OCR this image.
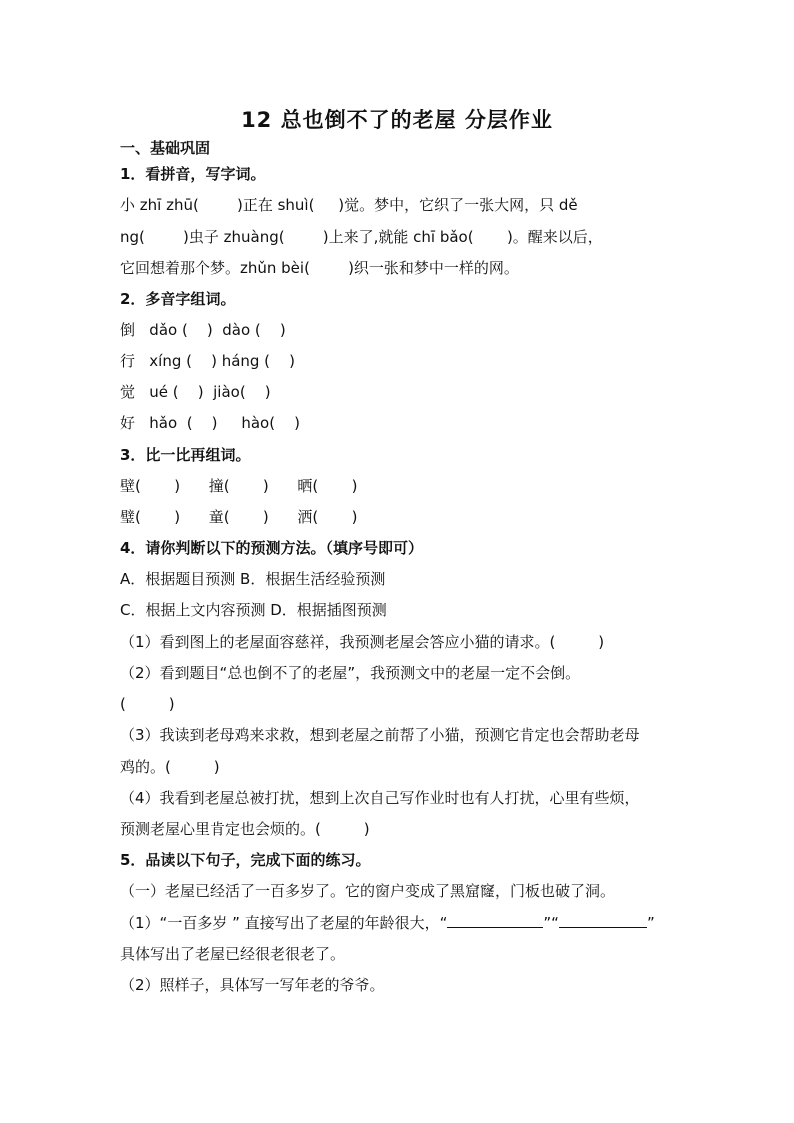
12 总也倒不了的老屋 分层作业
一、基础巩固
1．看拼音，写字词。
小 zhī zhū(        )正在 shuì(     )觉。梦中，它织了一张大网，只 dě
ng(        )虫子 zhuàng(        )上来了,就能 chī bǎo(       )。醒来以后，
它回想着那个梦。zhǔn bèi(        )织一张和梦中一样的网。
2．多音字组词。
倒   dǎo (    )  dào (    )
行   xíng (    ) háng (    )
觉   ué (    )  jiào(    )
好   hǎo  (    )     hào(    )
3．比一比再组词。
壁(       )      撞(       )      晒(       )
璧(       )      童(       )      洒(       )
4．请你判断以下的预测方法。（填序号即可）
A．根据题目预测 B．根据生活经验预测
C．根据上文内容预测 D．根据插图预测
（1）看到图上的老屋面容慈祥，我预测老屋会答应小猫的请求。(         )
（2）看到题目“总也倒不了的老屋”，我预测文中的老屋一定不会倒。
(         )
（3）我读到老母鸡来求救，想到老屋之前帮了小猫，预测它肯定也会帮助老母
鸡的。(         )
（4）我看到老屋总被打扰，想到上次自己写作业时也有人打扰，心里有些烦，
预测老屋心里肯定也会烦的。(         )
5．品读以下句子，完成下面的练习。
（一）老屋已经活了一百多岁了。它的窗户变成了黑窟窿，门板也破了洞。
（1）“一百多岁 ” 直接写出了老屋的年龄很大，“	”“	”
具体写出了老屋已经很老很老了。
（2）照样子，具体写一写年老的爷爷。
